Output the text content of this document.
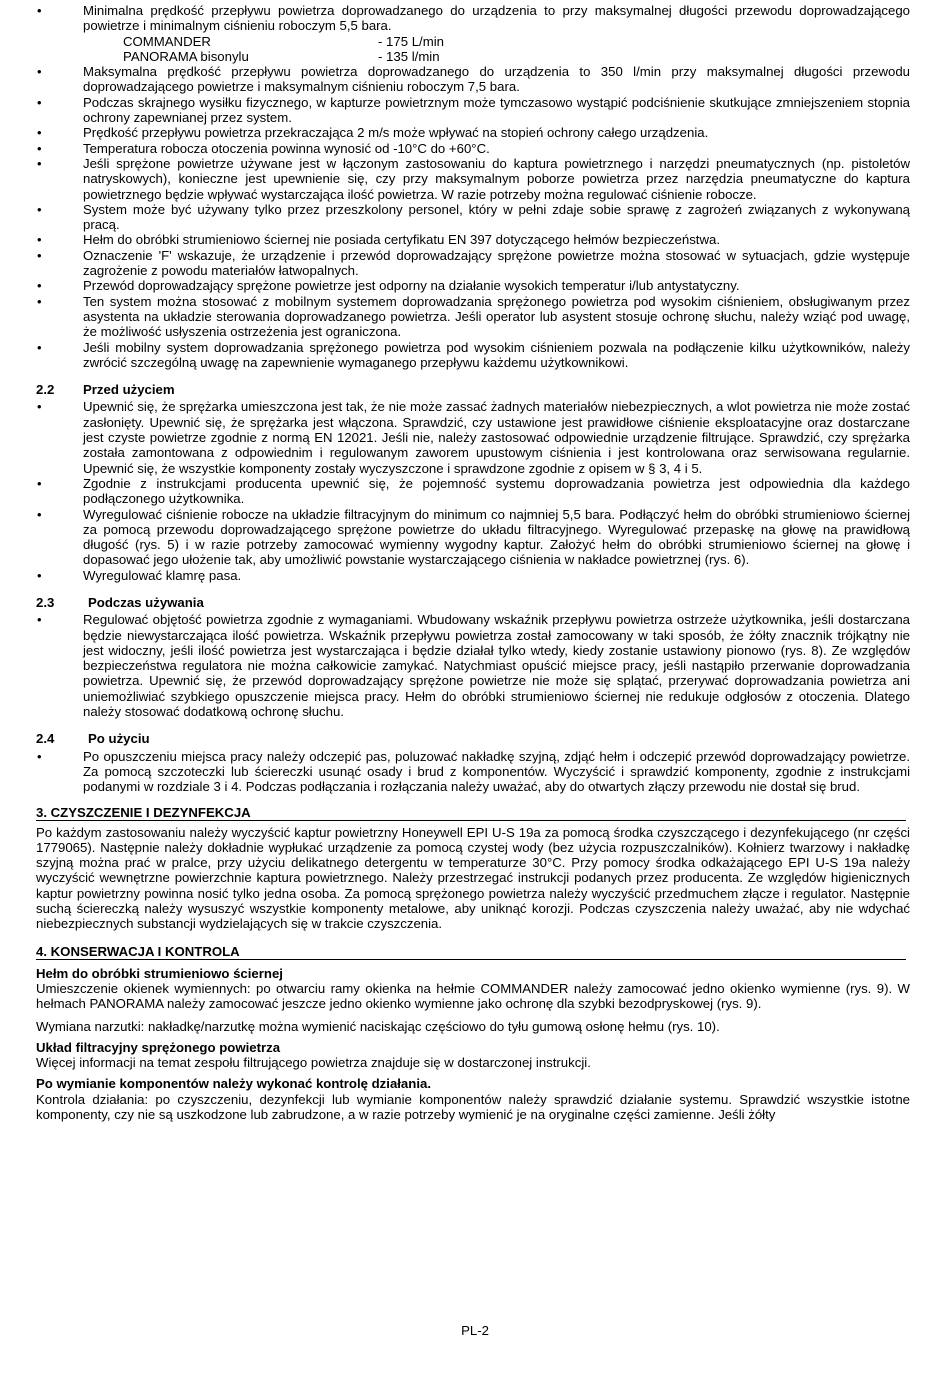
• Minimalna prędkość przepływu powietrza doprowadzanego do urządzenia to przy maksymalnej długości przewodu doprowadzającego powietrze i minimalnym ciśnieniu roboczym 5,5 bara.
COMMANDER	- 175 L/min
PANORAMA bisonylu	- 135 l/min
• Maksymalna prędkość przepływu powietrza doprowadzanego do urządzenia to 350 l/min przy maksymalnej długości przewodu doprowadzającego powietrze i maksymalnym ciśnieniu roboczym 7,5 bara.
• Podczas skrajnego wysiłku fizycznego, w kapturze powietrznym może tymczasowo wystąpić podciśnienie skutkujące zmniejszeniem stopnia ochrony zapewnianej przez system.
• Prędkość przepływu powietrza przekraczająca 2 m/s może wpływać na stopień ochrony całego urządzenia.
• Temperatura robocza otoczenia powinna wynosić od -10°C do +60°C.
• Jeśli sprężone powietrze używane jest w łączonym zastosowaniu do kaptura powietrznego i narzędzi pneumatycznych (np. pistoletów natryskowych), konieczne jest upewnienie się, czy przy maksymalnym poborze powietrza przez narzędzia pneumatyczne do kaptura powietrznego będzie wpływać wystarczająca ilość powietrza. W razie potrzeby można regulować ciśnienie robocze.
• System może być używany tylko przez przeszkolony personel, który w pełni zdaje sobie sprawę z zagrożeń związanych z wykonywaną pracą.
• Hełm do obróbki strumieniowo ściernej nie posiada certyfikatu EN 397 dotyczącego hełmów bezpieczeństwa.
• Oznaczenie 'F' wskazuje, że urządzenie i przewód doprowadzający sprężone powietrze można stosować w sytuacjach, gdzie występuje zagrożenie z powodu materiałów łatwopalnych.
• Przewód doprowadzający sprężone powietrze jest odporny na działanie wysokich temperatur i/lub antystatyczny.
• Ten system można stosować z mobilnym systemem doprowadzania sprężonego powietrza pod wysokim ciśnieniem, obsługiwanym przez asystenta na układzie sterowania doprowadzanego powietrza. Jeśli operator lub asystent stosuje ochronę słuchu, należy wziąć pod uwagę, że możliwość usłyszenia ostrzeżenia jest ograniczona.
• Jeśli mobilny system doprowadzania sprężonego powietrza pod wysokim ciśnieniem pozwala na podłączenie kilku użytkowników, należy zwrócić szczególną uwagę na zapewnienie wymaganego przepływu każdemu użytkownikowi.
2.2	Przed użyciem
• Upewnić się, że sprężarka umieszczona jest tak, że nie może zassać żadnych materiałów niebezpiecznych, a wlot powietrza nie może zostać zasłonięty. Upewnić się, że sprężarka jest włączona. Sprawdzić, czy ustawione jest prawidłowe ciśnienie eksploatacyjne oraz dostarczane jest czyste powietrze zgodnie z normą EN 12021. Jeśli nie, należy zastosować odpowiednie urządzenie filtrujące. Sprawdzić, czy sprężarka została zamontowana z odpowiednim i regulowanym zaworem upustowym ciśnienia i jest kontrolowana oraz serwisowana regularnie. Upewnić się, że wszystkie komponenty zostały wyczyszczone i sprawdzone zgodnie z opisem w § 3, 4 i 5.
• Zgodnie z instrukcjami producenta upewnić się, że pojemność systemu doprowadzania powietrza jest odpowiednia dla każdego podłączonego użytkownika.
• Wyregulować ciśnienie robocze na układzie filtracyjnym do minimum co najmniej 5,5 bara. Podłączyć hełm do obróbki strumieniowo ściernej za pomocą przewodu doprowadzającego sprężone powietrze do układu filtracyjnego. Wyregulować przepaskę na głowę na prawidłową długość (rys. 5) i w razie potrzeby zamocować wymienny wygodny kaptur. Założyć hełm do obróbki strumieniowo ściernej na głowę i dopasować jego ułożenie tak, aby umożliwić powstanie wystarczającego ciśnienia w nakładce powietrznej (rys. 6).
• Wyregulować klamrę pasa.
2.3	Podczas używania
• Regulować objętość powietrza zgodnie z wymaganiami. Wbudowany wskaźnik przepływu powietrza ostrzeże użytkownika, jeśli dostarczana będzie niewystarczająca ilość powietrza. Wskaźnik przepływu powietrza został zamocowany w taki sposób, że żółty znacznik trójkątny nie jest widoczny, jeśli ilość powietrza jest wystarczająca i będzie działał tylko wtedy, kiedy zostanie ustawiony pionowo (rys. 8). Ze względów bezpieczeństwa regulatora nie można całkowicie zamykać. Natychmiast opuścić miejsce pracy, jeśli nastąpiło przerwanie doprowadzania powietrza. Upewnić się, że przewód doprowadzający sprężone powietrze nie może się splątać, przerywać doprowadzania powietrza ani uniemożliwiać szybkiego opuszczenie miejsca pracy. Hełm do obróbki strumieniowo ściernej nie redukuje odgłosów z otoczenia. Dlatego należy stosować dodatkową ochronę słuchu.
2.4	Po użyciu
• Po opuszczeniu miejsca pracy należy odczepić pas, poluzować nakładkę szyjną, zdjąć hełm i odczepić przewód doprowadzający powietrze. Za pomocą szczoteczki lub ściereczki usunąć osady i brud z komponentów. Wyczyścić i sprawdzić komponenty, zgodnie z instrukcjami podanymi w rozdziale 3 i 4. Podczas podłączania i rozłączania należy uważać, aby do otwartych złączy przewodu nie dostał się brud.
3. CZYSZCZENIE I DEZYNFEKCJA
Po każdym zastosowaniu należy wyczyścić kaptur powietrzny Honeywell EPI U-S 19a za pomocą środka czyszczącego i dezynfekującego (nr części 1779065). Następnie należy dokładnie wypłukać urządzenie za pomocą czystej wody (bez użycia rozpuszczalników). Kołnierz twarzowy i nakładkę szyjną można prać w pralce, przy użyciu delikatnego detergentu w temperaturze 30°C. Przy pomocy środka odkażającego EPI U-S 19a należy wyczyścić wewnętrzne powierzchnie kaptura powietrznego. Należy przestrzegać instrukcji podanych przez producenta. Ze względów higienicznych kaptur powietrzny powinna nosić tylko jedna osoba. Za pomocą sprężonego powietrza należy wyczyścić przedmuchem złącze i regulator. Następnie suchą ściereczką należy wysuszyć wszystkie komponenty metalowe, aby uniknąć korozji. Podczas czyszczenia należy uważać, aby nie wdychać niebezpiecznych substancji wydzielających się w trakcie czyszczenia.
4. KONSERWACJA I KONTROLA
Hełm do obróbki strumieniowo ściernej
Umieszczenie okienek wymiennych: po otwarciu ramy okienka na hełmie COMMANDER należy zamocować jedno okienko wymienne (rys. 9). W hełmach PANORAMA należy zamocować jeszcze jedno okienko wymienne jako ochronę dla szybki bezodpryskowej (rys. 9).
Wymiana narzutki: nakładkę/narzutkę można wymienić naciskając częściowo do tyłu gumową osłonę hełmu (rys. 10).
Układ filtracyjny sprężonego powietrza
Więcej informacji na temat zespołu filtrującego powietrza znajduje się w dostarczonej instrukcji.
Po wymianie komponentów należy wykonać kontrolę działania.
Kontrola działania: po czyszczeniu, dezynfekcji lub wymianie komponentów należy sprawdzić działanie systemu. Sprawdzić wszystkie istotne komponenty, czy nie są uszkodzone lub zabrudzone, a w razie potrzeby wymienić je na oryginalne części zamienne. Jeśli żółty
PL-2
